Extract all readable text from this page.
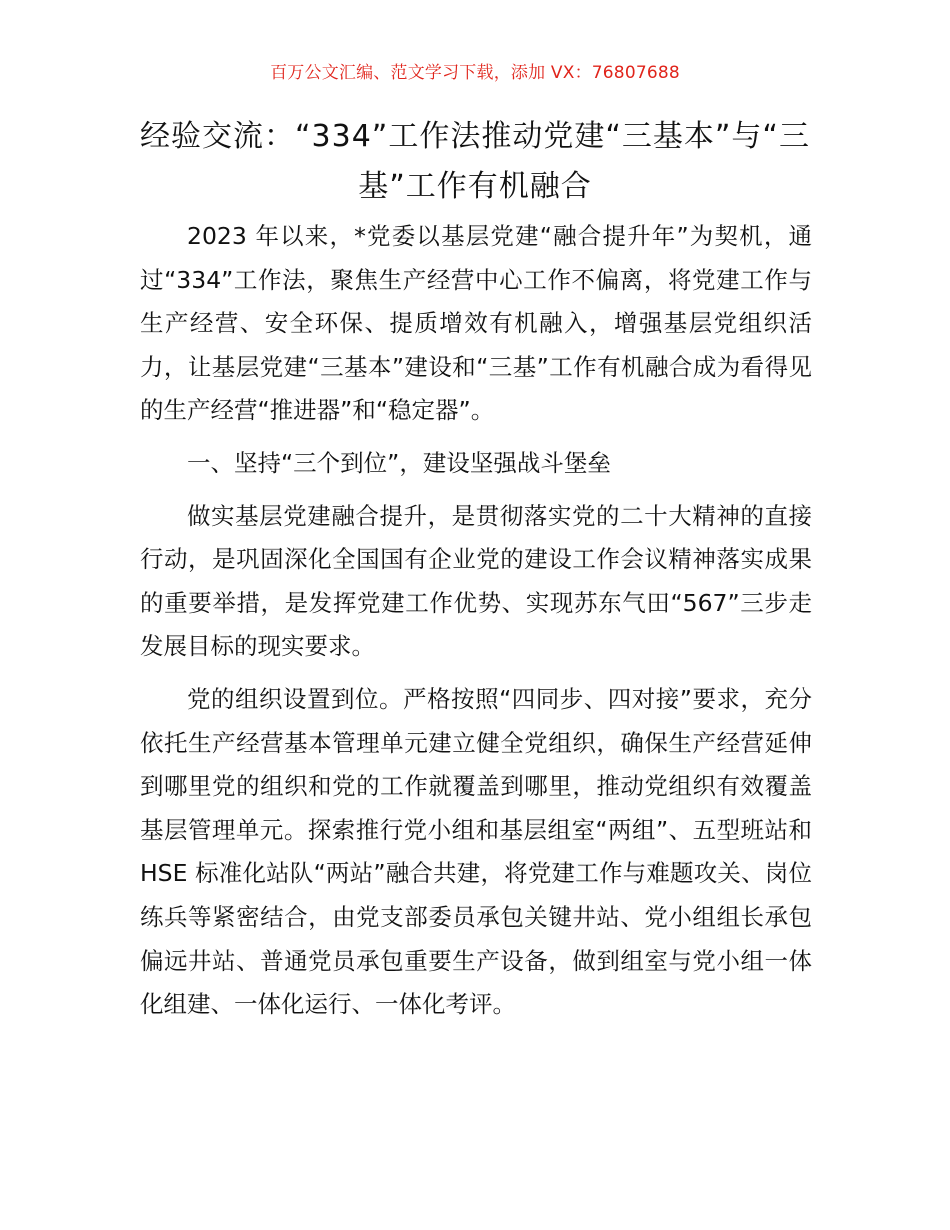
百万公文汇编、范文学习下载，添加 VX：76807688
经验交流：“334”工作法推动党建“三基本”与“三基”工作有机融合

2023 年以来，*党委以基层党建“融合提升年”为契机，通过“334”工作法，聚焦生产经营中心工作不偏离，将党建工作与生产经营、安全环保、提质增效有机融入，增强基层党组织活力，让基层党建“三基本”建设和“三基”工作有机融合成为看得见的生产经营“推进器”和“稳定器”。

一、坚持“三个到位”，建设坚强战斗堡垒

做实基层党建融合提升，是贯彻落实党的二十大精神的直接行动，是巩固深化全国国有企业党的建设工作会议精神落实成果的重要举措，是发挥党建工作优势、实现苏东气田“567”三步走发展目标的现实要求。

党的组织设置到位。严格按照“四同步、四对接”要求，充分依托生产经营基本管理单元建立健全党组织，确保生产经营延伸到哪里党的组织和党的工作就覆盖到哪里，推动党组织有效覆盖基层管理单元。探索推行党小组和基层组室“两组”、五型班站和 HSE 标准化站队“两站”融合共建，将党建工作与难题攻关、岗位练兵等紧密结合，由党支部委员承包关键井站、党小组组长承包偏远井站、普通党员承包重要生产设备，做到组室与党小组一体化组建、一体化运行、一体化考评。
